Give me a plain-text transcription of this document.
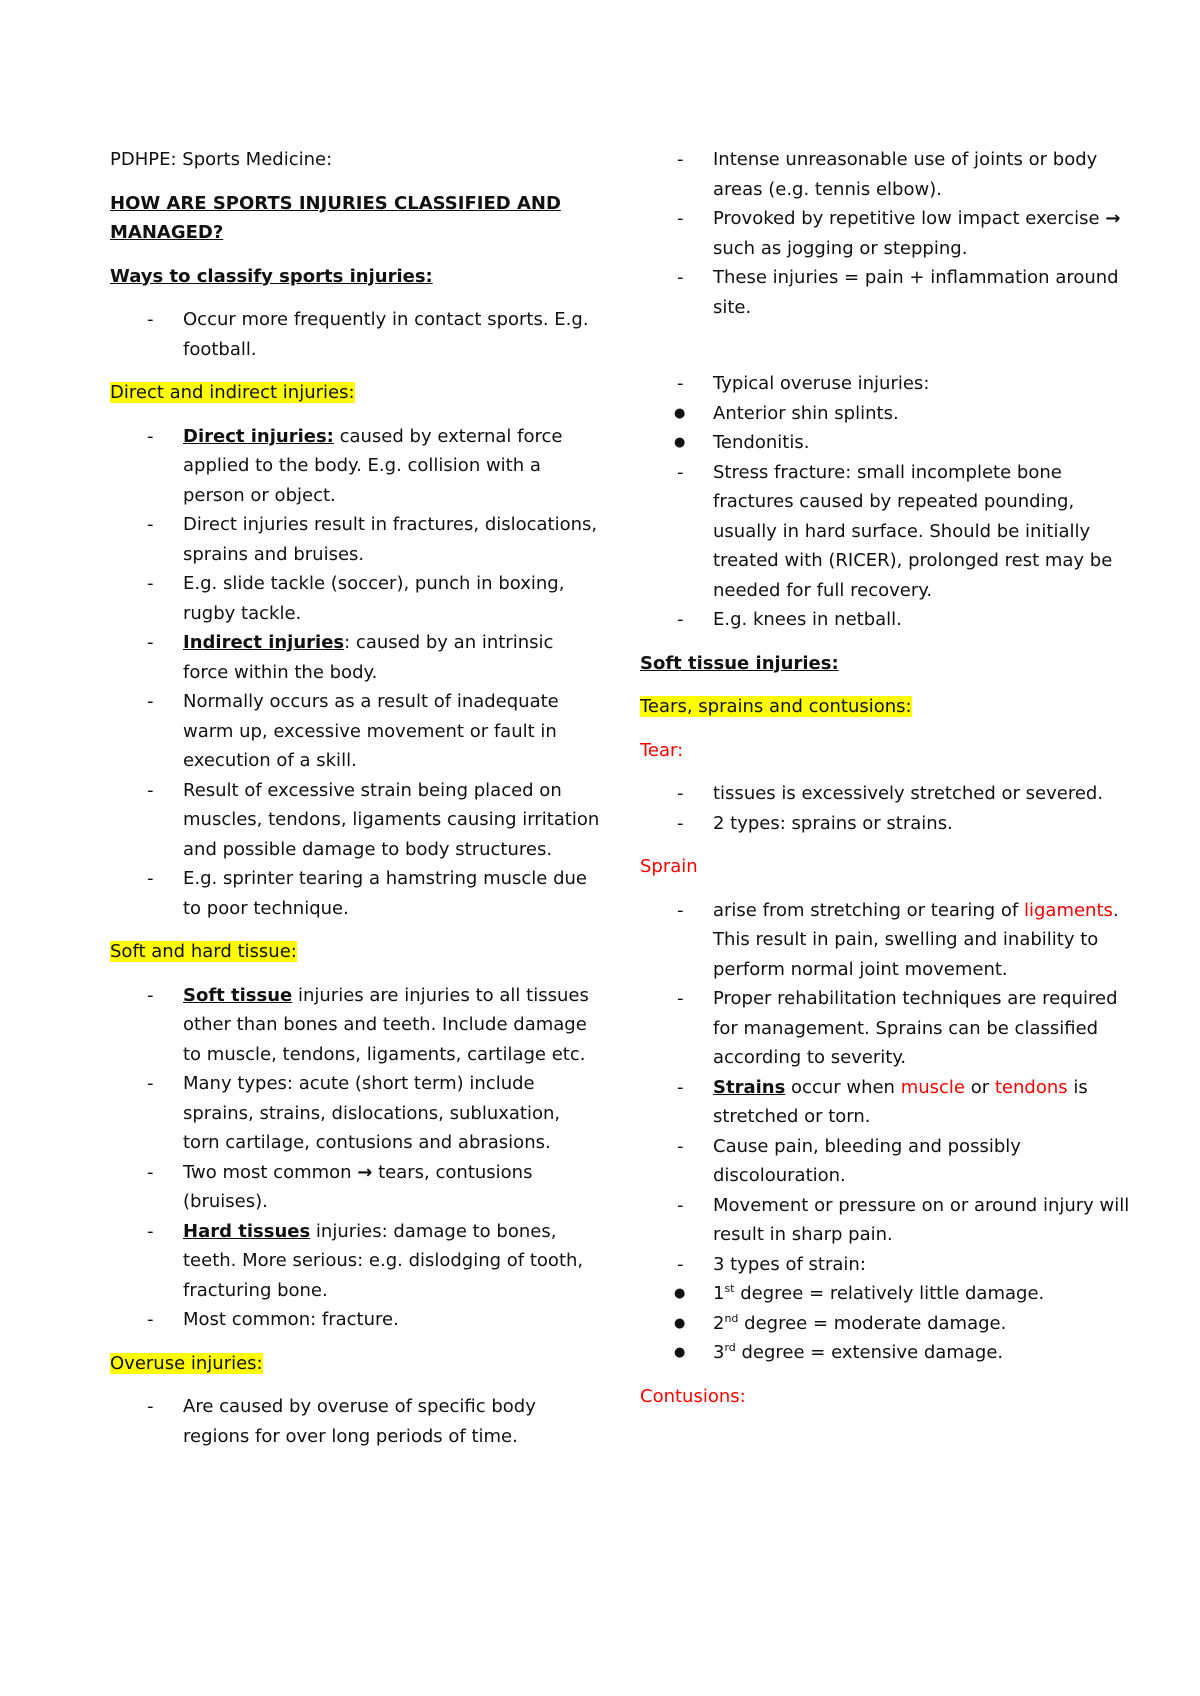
PDHPE: Sports Medicine:

HOW ARE SPORTS INJURIES CLASSIFIED AND MANAGED?

Ways to classify sports injuries:

- Occur more frequently in contact sports. E.g. football.

Direct and indirect injuries:

- Direct injuries: caused by external force applied to the body. E.g. collision with a person or object.
- Direct injuries result in fractures, dislocations, sprains and bruises.
- E.g. slide tackle (soccer), punch in boxing, rugby tackle.
- Indirect injuries: caused by an intrinsic force within the body.
- Normally occurs as a result of inadequate warm up, excessive movement or fault in execution of a skill.
- Result of excessive strain being placed on muscles, tendons, ligaments causing irritation and possible damage to body structures.
- E.g. sprinter tearing a hamstring muscle due to poor technique.

Soft and hard tissue:

- Soft tissue injuries are injuries to all tissues other than bones and teeth. Include damage to muscle, tendons, ligaments, cartilage etc.
- Many types: acute (short term) include sprains, strains, dislocations, subluxation, torn cartilage, contusions and abrasions.
- Two most common → tears, contusions (bruises).
- Hard tissues injuries: damage to bones, teeth. More serious: e.g. dislodging of tooth, fracturing bone.
- Most common: fracture.

Overuse injuries:

- Are caused by overuse of specific body regions for over long periods of time.
- Intense unreasonable use of joints or body areas (e.g. tennis elbow).
- Provoked by repetitive low impact exercise → such as jogging or stepping.
- These injuries = pain + inflammation around site.
- Typical overuse injuries:
● Anterior shin splints.
● Tendonitis.
- Stress fracture: small incomplete bone fractures caused by repeated pounding, usually in hard surface. Should be initially treated with (RICER), prolonged rest may be needed for full recovery.
- E.g. knees in netball.

Soft tissue injuries:

Tears, sprains and contusions:

Tear:

- tissues is excessively stretched or severed.
- 2 types: sprains or strains.

Sprain

- arise from stretching or tearing of ligaments. This result in pain, swelling and inability to perform normal joint movement.
- Proper rehabilitation techniques are required for management. Sprains can be classified according to severity.
- Strains occur when muscle or tendons is stretched or torn.
- Cause pain, bleeding and possibly discolouration.
- Movement or pressure on or around injury will result in sharp pain.
- 3 types of strain:
● 1st degree = relatively little damage.
● 2nd degree = moderate damage.
● 3rd degree = extensive damage.

Contusions:
